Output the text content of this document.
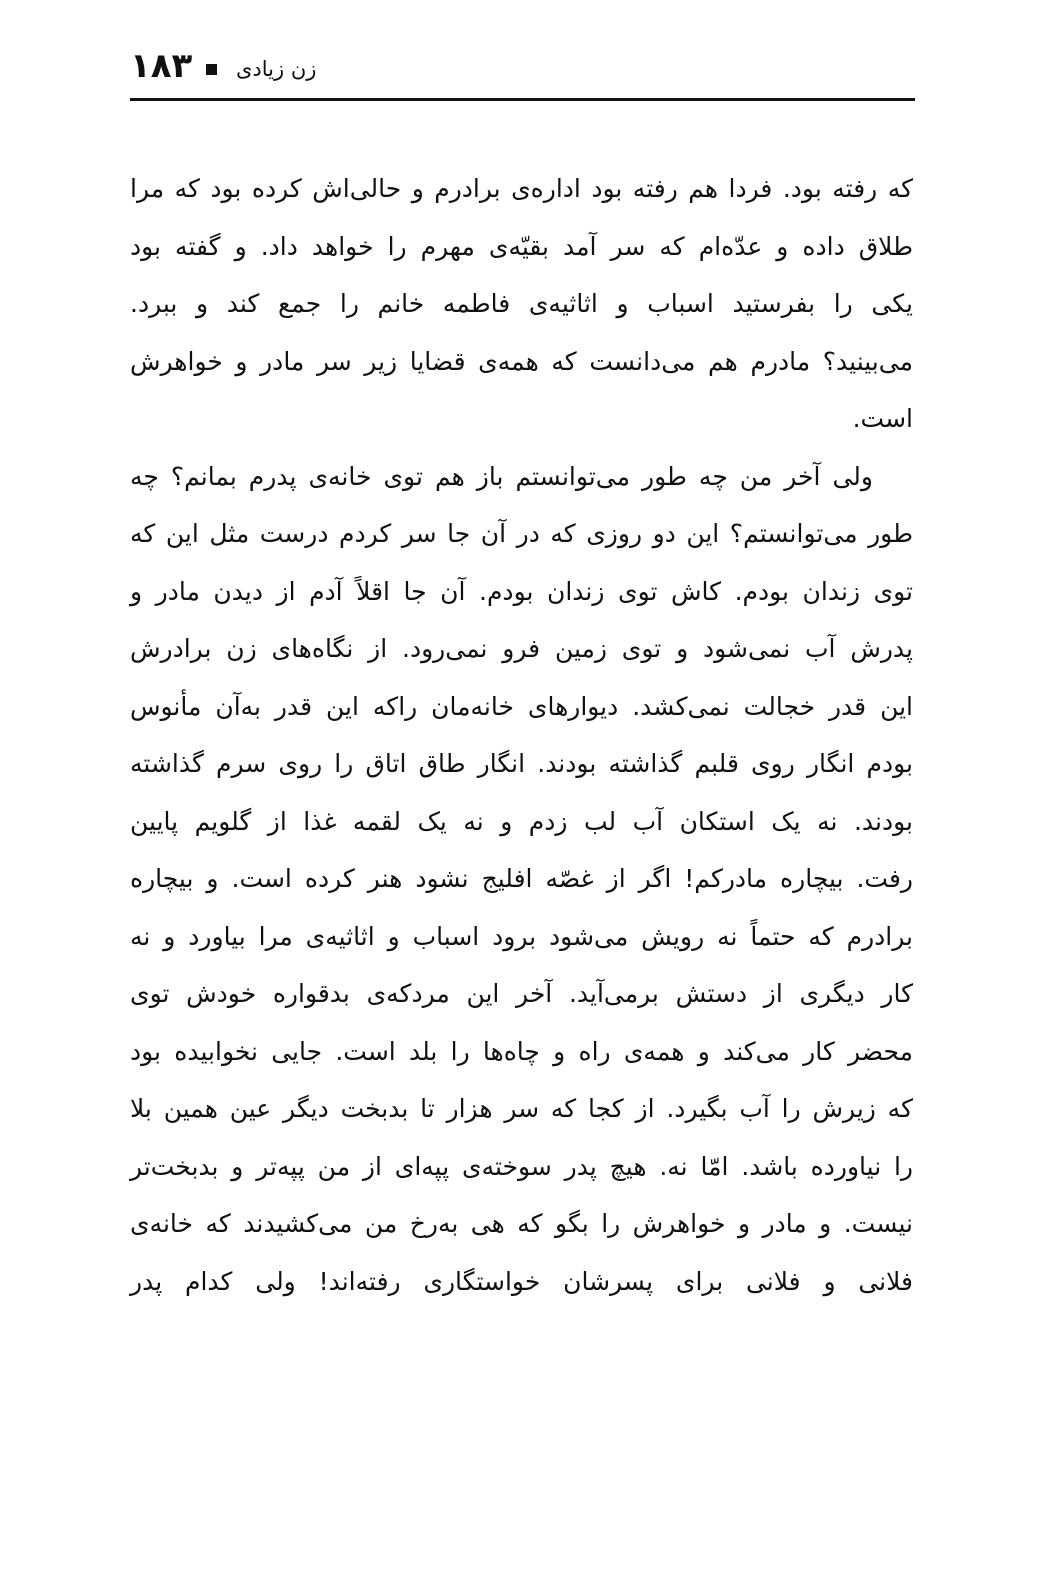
۱۸۳ زن زیادی
که رفته بود. فردا هم رفته بود اداره‌ی برادرم و حالی‌اش کرده بود که مرا
طلاق داده و عدّه‌ام که سر آمد بقیّه‌ی مهرم را خواهد داد. و گفته بود
یکی را بفرستید اسباب و اثاثیه‌ی فاطمه خانم را جمع کند و ببرد.
می‌بینید؟ مادرم هم می‌دانست که همه‌ی قضایا زیر سر مادر و خواهرش
است.
ولی آخر من چه طور می‌توانستم باز هم توی خانه‌ی پدرم بمانم؟ چه
طور می‌توانستم؟ این دو روزی که در آن جا سر کردم درست مثل این که
توی زندان بودم. کاش توی زندان بودم. آن جا اقلاً آدم از دیدن مادر و
پدرش آب نمی‌شود و توی زمین فرو نمی‌رود. از نگاه‌های زن برادرش
این قدر خجالت نمی‌کشد. دیوارهای خانه‌مان راکه این قدر به‌آن مأنوس
بودم انگار روی قلبم گذاشته بودند. انگار طاق اتاق را روی سرم گذاشته
بودند. نه یک استکان آب لب زدم و نه یک لقمه غذا از گلویم پایین
رفت. بیچاره مادرکم! اگر از غصّه افلیج نشود هنر کرده است. و بیچاره
برادرم که حتماً نه رویش می‌شود برود اسباب و اثاثیه‌ی مرا بیاورد و نه
کار دیگری از دستش برمی‌آید. آخر این مردکه‌ی بدقواره خودش توی
محضر کار می‌کند و همه‌ی راه و چاه‌ها را بلد است. جایی نخوابیده بود
که زیرش را آب بگیرد. از کجا که سر هزار تا بدبخت دیگر عین همین بلا
را نیاورده باشد. امّا نه. هیچ پدر سوخته‌ی پپه‌ای از من پپه‌تر و بدبخت‌تر
نیست. و مادر و خواهرش را بگو که هی به‌رخ من می‌کشیدند که خانه‌ی
فلانی و فلانی برای پسرشان خواستگاری رفته‌اند! ولی کدام پدر
